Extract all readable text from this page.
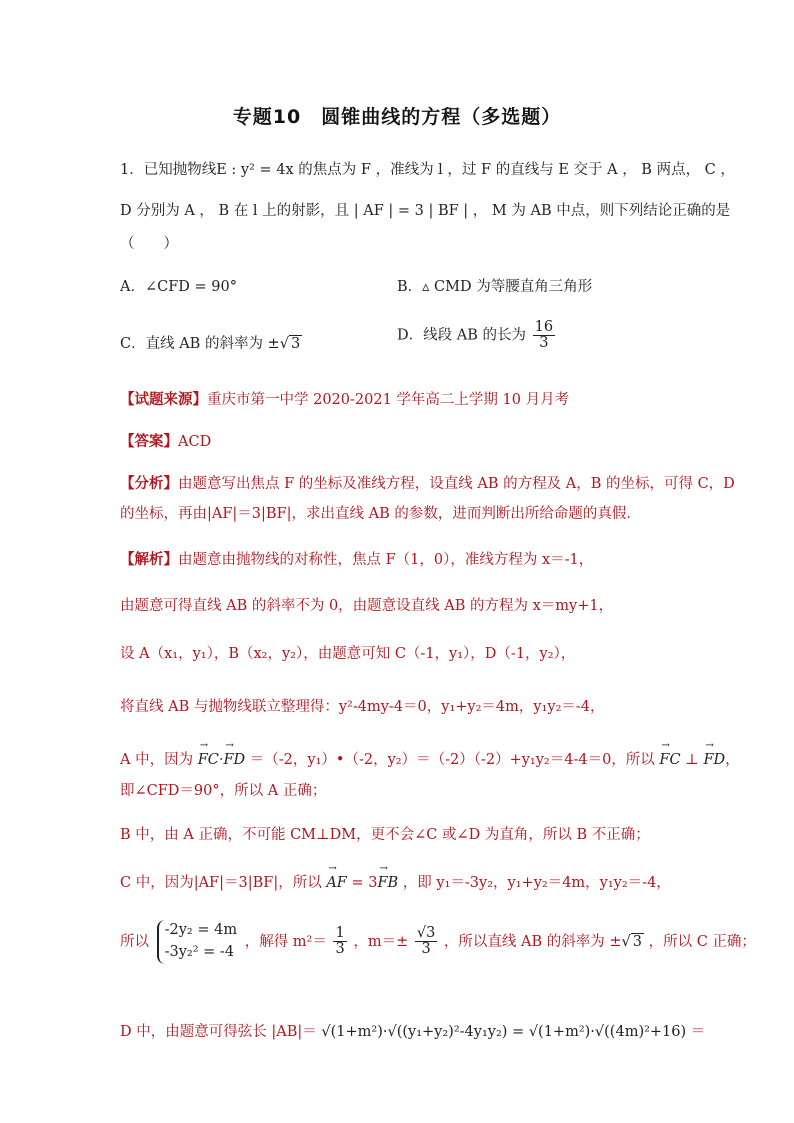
专题10　圆锥曲线的方程（多选题）
1．已知抛物线E : y² = 4x 的焦点为 F ，准线为 l ，过 F 的直线与 E 交于 A ， B 两点， C ，
D 分别为 A ， B 在 l 上的射影，且 | AF | = 3 | BF | ， M 为 AB 中点，则下列结论正确的是
（　　）
A．∠CFD = 90°	B．▵ CMD 为等腰直角三角形
C．直线 AB 的斜率为 ±√ 3
D．线段 AB 的长为 $\frac{16}{3}$
【试题来源】重庆市第一中学 2020-2021 学年高二上学期 10 月月考
【答案】ACD
【分析】由题意写出焦点 F 的坐标及准线方程，设直线 AB 的方程及 A，B 的坐标，可得 C，D
的坐标，再由|AF|＝3|BF|，求出直线 AB 的参数，进而判断出所给命题的真假．
【解析】由题意由抛物线的对称性，焦点 F（1，0），准线方程为 x＝-1，
由题意可得直线 AB 的斜率不为 0，由题意设直线 AB 的方程为 x＝my+1，
设 A（x₁，y₁），B（x₂，y₂），由题意可知 C（-1，y₁），D（-1，y₂），
将直线 AB 与抛物线联立整理得：y²-4my-4＝0，y₁+y₂＝4m，y₁y₂＝-4，
A 中，因为 → FC·→ FD ＝（-2，y₁）•（-2，y₂）＝（-2）（-2）+y₁y₂＝4-4＝0，所以 → FC ⊥ → FD，
即∠CFD＝90°，所以 A 正确；
B 中，由 A 正确，不可能 CM⊥DM，更不会∠C 或∠D 为直角，所以 B 不正确；
C 中，因为|AF|＝3|BF|，所以 → AF = 3→ FB ，即 y₁＝-3y₂，y₁+y₂＝4m，y₁y₂＝-4，
所以
-2y₂ = 4m
-3y₂² = -4
，解得 $m^2= \frac{1}{3}$ ，$m=\pm \frac{√3}{3}$ ，所以直线 AB 的斜率为 ±√ 3 ，所以 C 正确；
D 中，由题意可得弦长 |AB|＝ √(1+m²)·√((y₁+y₂)²-4y₁y₂) = √(1+m²)·√((4m)²+16) ＝
